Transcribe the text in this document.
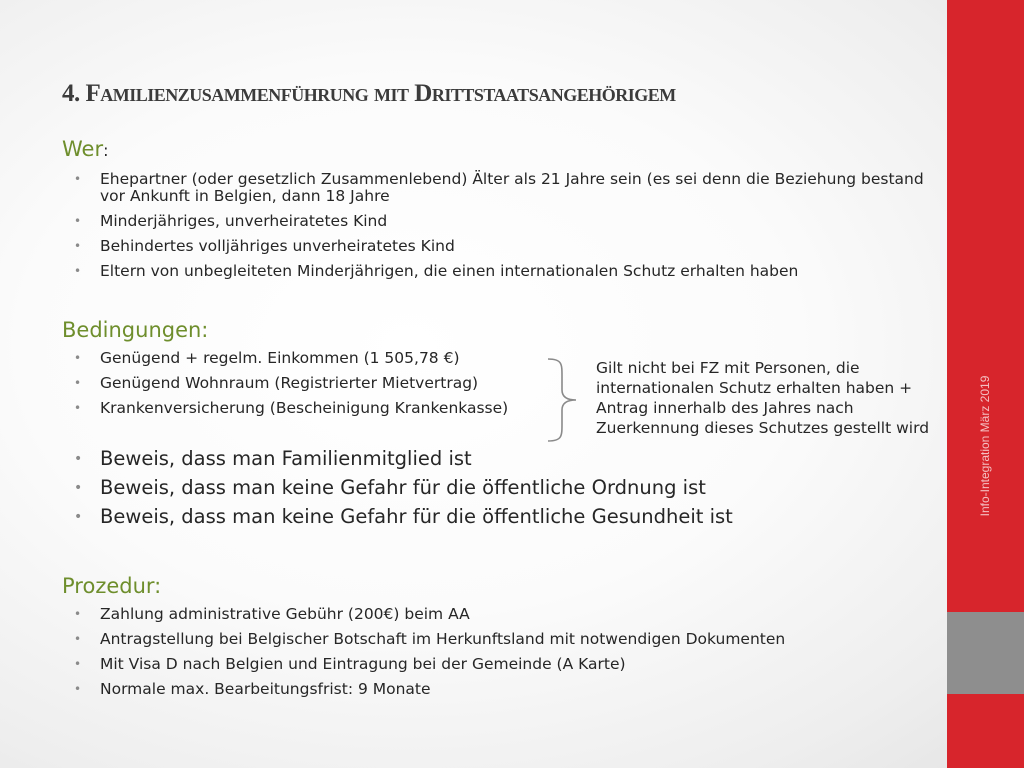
Info-Integration März 2019
4. Familienzusammenführung mit Drittstaatsangehörigem
Wer:
• Ehepartner (oder gesetzlich Zusammenlebend) Älter als 21 Jahre sein (es sei denn die Beziehung bestand vor Ankunft in Belgien, dann 18 Jahre
• Minderjähriges, unverheiratetes Kind
• Behindertes volljähriges unverheiratetes Kind
• Eltern von unbegleiteten Minderjährigen, die einen internationalen Schutz erhalten haben
Bedingungen:
• Genügend + regelm. Einkommen (1 505,78 €)
• Genügend Wohnraum (Registrierter Mietvertrag)
• Krankenversicherung (Bescheinigung Krankenkasse)
Gilt nicht bei FZ mit Personen, die internationalen Schutz erhalten haben + Antrag innerhalb des Jahres nach Zuerkennung dieses Schutzes gestellt wird
• Beweis, dass man Familienmitglied ist
• Beweis, dass man keine Gefahr für die öffentliche Ordnung ist
• Beweis, dass man keine Gefahr für die öffentliche Gesundheit ist
Prozedur:
• Zahlung administrative Gebühr (200€) beim AA
• Antragstellung bei Belgischer Botschaft im Herkunftsland mit notwendigen Dokumenten
• Mit Visa D nach Belgien und Eintragung bei der Gemeinde (A Karte)
• Normale max. Bearbeitungsfrist: 9 Monate
